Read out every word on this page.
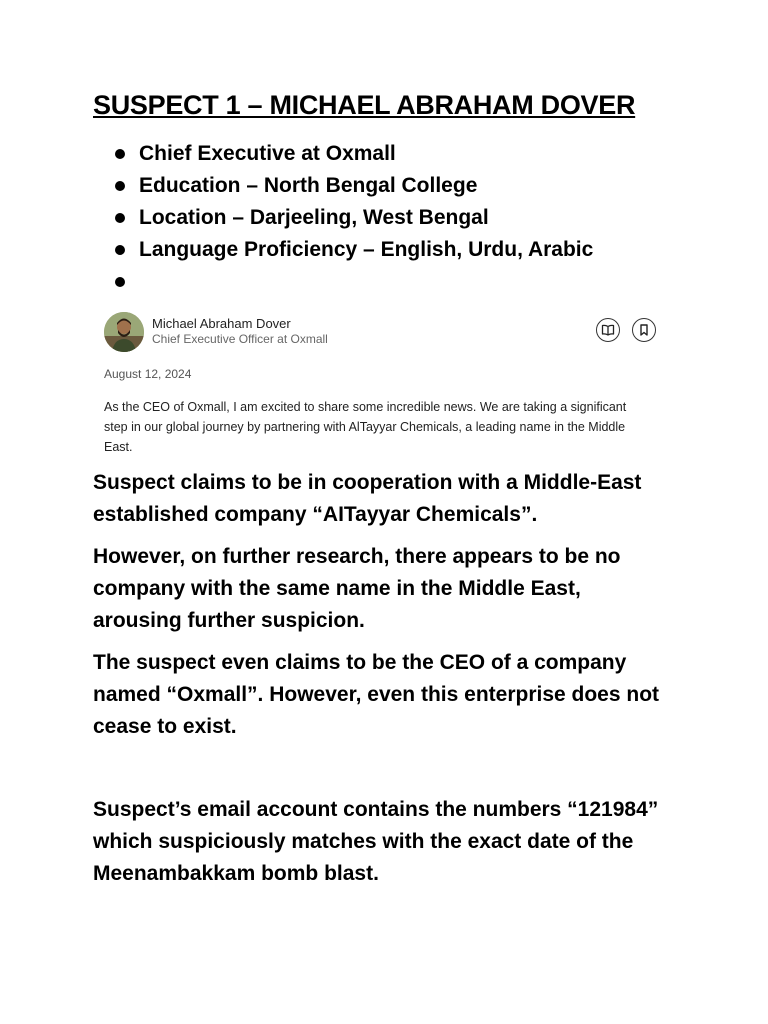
SUSPECT 1 – MICHAEL ABRAHAM DOVER
Chief Executive at Oxmall
Education – North Bengal College
Location – Darjeeling, West Bengal
Language Proficiency – English, Urdu, Arabic
Michael Abraham Dover
Chief Executive Officer at Oxmall
August 12, 2024
As the CEO of Oxmall, I am excited to share some incredible news. We are taking a significant step in our global journey by partnering with AlTayyar Chemicals, a leading name in the Middle East.

Suspect claims to be in cooperation with a Middle-East established company “AITayyar Chemicals”.

However, on further research, there appears to be no company with the same name in the Middle East, arousing further suspicion.

The suspect even claims to be the CEO of a company named “Oxmall”. However, even this enterprise does not cease to exist.

Suspect’s email account contains the numbers “121984” which suspiciously matches with the exact date of the Meenambakkam bomb blast.
